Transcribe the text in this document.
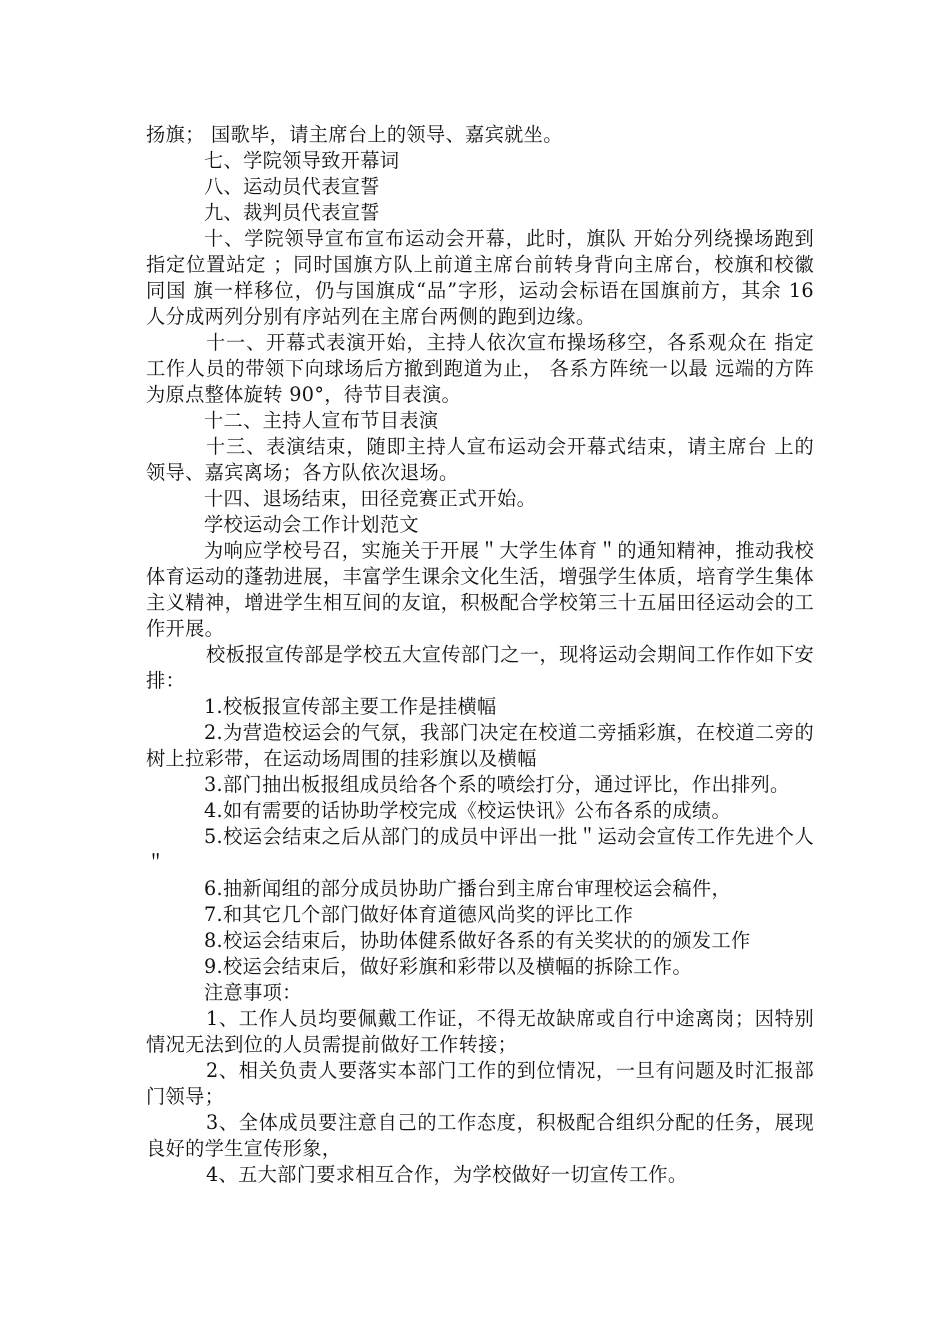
扬旗； 国歌毕，请主席台上的领导、嘉宾就坐。

七、学院领导致开幕词

八、运动员代表宣誓

九、裁判员代表宣誓

十、学院领导宣布宣布运动会开幕，此时，旗队 开始分列绕操场跑到指定位置站定 ；同时国旗方队上前道主席台前转身背向主席台，校旗和校徽同国 旗一样移位，仍与国旗成“品”字形，运动会标语在国旗前方，其余 16 人分成两列分别有序站列在主席台两侧的跑到边缘。

十一、开幕式表演开始，主持人依次宣布操场移空，各系观众在 指定工作人员的带领下向球场后方撤到跑道为止， 各系方阵统一以最 远端的方阵为原点整体旋转 90°，待节目表演。

十二、主持人宣布节目表演

十三、表演结束，随即主持人宣布运动会开幕式结束，请主席台 上的领导、嘉宾离场；各方队依次退场。

十四、退场结束，田径竞赛正式开始。

学校运动会工作计划范文

为响应学校号召，实施关于开展＂大学生体育＂的通知精神，推动我校体育运动的蓬勃进展，丰富学生课余文化生活，增强学生体质，培育学生集体主义精神，增进学生相互间的友谊，积极配合学校第三十五届田径运动会的工作开展。

校板报宣传部是学校五大宣传部门之一，现将运动会期间工作作如下安排：

1.校板报宣传部主要工作是挂横幅

2.为营造校运会的气氛，我部门决定在校道二旁插彩旗，在校道二旁的树上拉彩带，在运动场周围的挂彩旗以及横幅

3.部门抽出板报组成员给各个系的喷绘打分，通过评比，作出排列。

4.如有需要的话协助学校完成《校运快讯》公布各系的成绩。

5.校运会结束之后从部门的成员中评出一批＂运动会宣传工作先进个人＂

6.抽新闻组的部分成员协助广播台到主席台审理校运会稿件，

7.和其它几个部门做好体育道德风尚奖的评比工作

8.校运会结束后，协助体健系做好各系的有关奖状的的颁发工作

9.校运会结束后，做好彩旗和彩带以及横幅的拆除工作。

注意事项：

1、工作人员均要佩戴工作证，不得无故缺席或自行中途离岗；因特别情况无法到位的人员需提前做好工作转接；

2、相关负责人要落实本部门工作的到位情况，一旦有问题及时汇报部门领导；

3、全体成员要注意自己的工作态度，积极配合组织分配的任务，展现良好的学生宣传形象，

4、五大部门要求相互合作，为学校做好一切宣传工作。
